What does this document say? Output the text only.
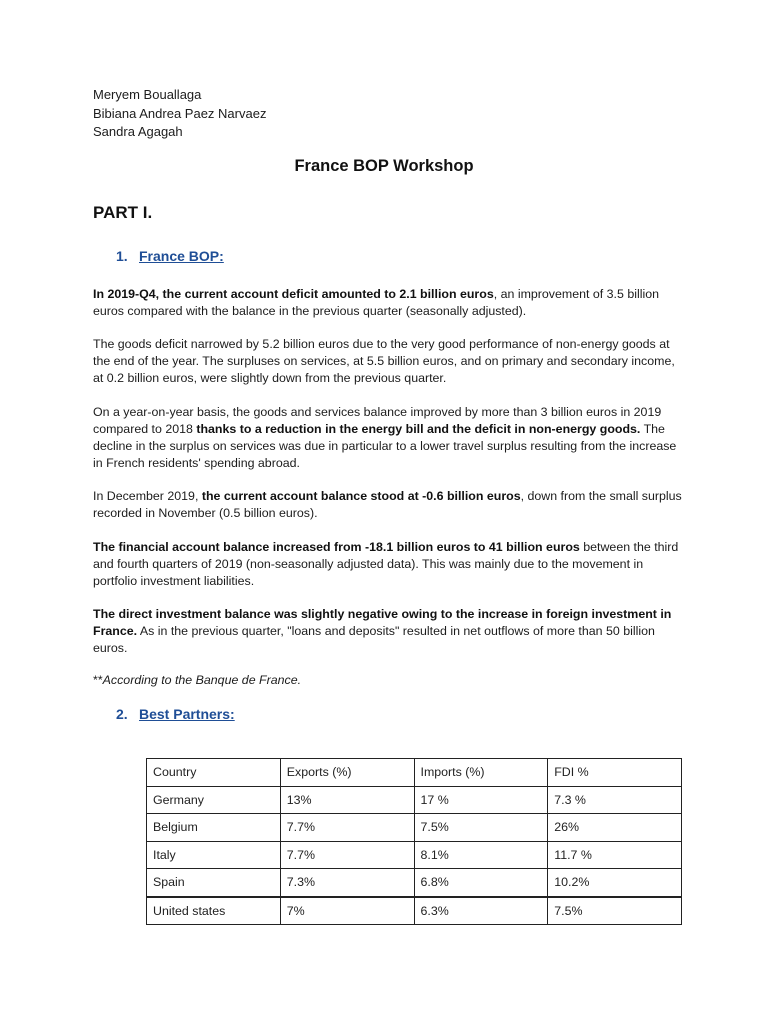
Meryem Bouallaga
Bibiana Andrea Paez Narvaez
Sandra Agagah
France BOP Workshop
PART I.
1. France BOP:
In 2019-Q4, the current account deficit amounted to 2.1 billion euros, an improvement of 3.5 billion euros compared with the balance in the previous quarter (seasonally adjusted).
The goods deficit narrowed by 5.2 billion euros due to the very good performance of non-energy goods at the end of the year. The surpluses on services, at 5.5 billion euros, and on primary and secondary income, at 0.2 billion euros, were slightly down from the previous quarter.
On a year-on-year basis, the goods and services balance improved by more than 3 billion euros in 2019 compared to 2018 thanks to a reduction in the energy bill and the deficit in non-energy goods. The decline in the surplus on services was due in particular to a lower travel surplus resulting from the increase in French residents' spending abroad.
In December 2019, the current account balance stood at -0.6 billion euros, down from the small surplus recorded in November (0.5 billion euros).
The financial account balance increased from -18.1 billion euros to 41 billion euros between the third and fourth quarters of 2019 (non-seasonally adjusted data). This was mainly due to the movement in portfolio investment liabilities.
The direct investment balance was slightly negative owing to the increase in foreign investment in France. As in the previous quarter, "loans and deposits" resulted in net outflows of more than 50 billion euros.
**According to the Banque de France.
2. Best Partners:
Country	Exports (%)	Imports (%)	FDI %
Germany	13%	17 %	7.3 %
Belgium	7.7%	7.5%	26%
Italy	7.7%	8.1%	11.7 %
Spain	7.3%	6.8%	10.2%
United states	7%	6.3%	7.5%
